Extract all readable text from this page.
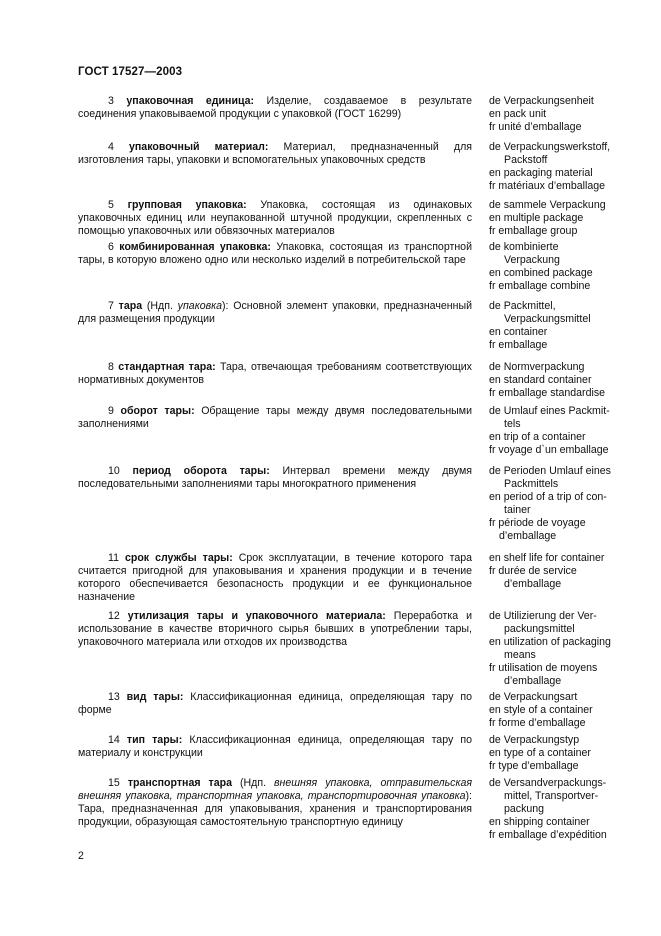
ГОСТ 17527—2003
3 упаковочная единица: Изделие, создаваемое в результате соединения упаковываемой продукции с упаковкой (ГОСТ 16299)
de Verpackungsenheit
en pack unit
fr unité d’emballage
4 упаковочный материал: Материал, предназначенный для изготовления тары, упаковки и вспомогательных упаковочных средств
de Verpackungswerkstoff,
Packstoff
en packaging material
fr matériaux d’emballage
5 групповая упаковка: Упаковка, состоящая из одинаковых упаковочных единиц или неупакованной штучной продукции, скрепленных с помощью упаковочных или обвязочных материалов
de sammele Verpackung
en multiple package
fr emballage group
6 комбинированная упаковка: Упаковка, состоящая из транспортной тары, в которую вложено одно или несколько изделий в потребительской таре
de kombinierte
Verpackung
en combined package
fr emballage combine
7 тара (Ндп. упаковка): Основной элемент упаковки, предназначенный для размещения продукции
de Packmittel,
Verpackungsmittel
en container
fr emballage
8 стандартная тара: Тара, отвечающая требованиям соответствующих нормативных документов
de Normverpackung
en standard container
fr emballage standardise
9 оборот тары: Обращение тары между двумя последовательными заполнениями
de Umlauf eines Packmit-
tels
en trip of a container
fr voyage d`un emballage
10 период оборота тары: Интервал времени между двумя последовательными заполнениями тары многократного применения
de Perioden Umlauf eines
Packmittels
en period of a trip of con-
tainer
fr période de voyage
d’emballage
11 срок службы тары: Срок эксплуатации, в течение которого тара считается пригодной для упаковывания и хранения продукции и в течение которого обеспечивается безопасность продукции и ее функциональное назначение
en shelf life for container
fr durée de service
d’emballage
12 утилизация тары и упаковочного материала: Переработка и использование в качестве вторичного сырья бывших в употреблении тары, упаковочного материала или отходов их производства
de Utilizierung der Ver-
packungsmittel
en utilization of packaging
means
fr utilisation de moyens
d’emballage
13 вид тары: Классификационная единица, определяющая тару по форме
de Verpackungsart
en style of a container
fr forme d’emballage
14 тип тары: Классификационная единица, определяющая тару по материалу и конструкции
de Verpackungstyp
en type of a container
fr type d’emballage
15 транспортная тара (Ндп. внешняя упаковка, отправительская внешняя упаковка, транспортная упаковка, транспортировочная упаковка): Тара, предназначенная для упаковывания, хранения и транспортирования продукции, образующая самостоятельную транспортную единицу
de Versandverpackungs-
mittel, Transportver-
packung
en shipping container
fr emballage d’expédition
2
